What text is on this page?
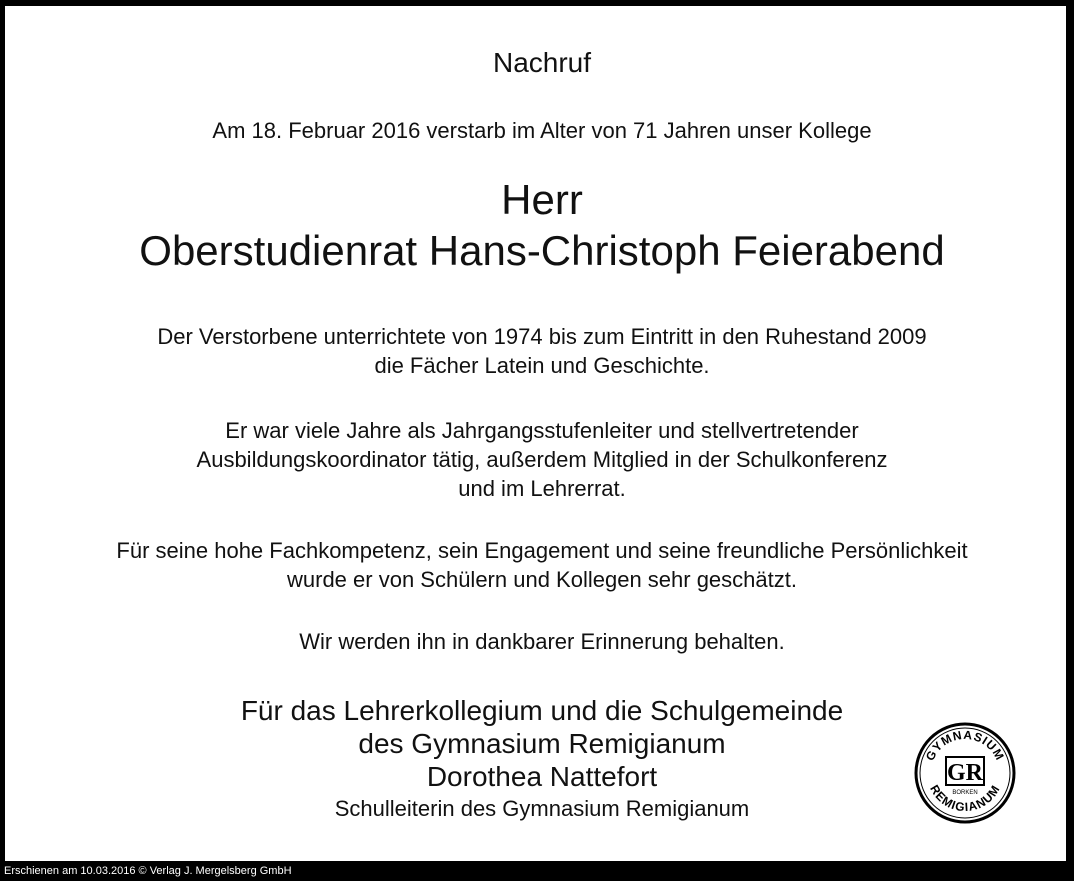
Nachruf
Am 18. Februar 2016 verstarb im Alter von 71 Jahren unser Kollege
Herr
Oberstudienrat Hans-Christoph Feierabend
Der Verstorbene unterrichtete von 1974 bis zum Eintritt in den Ruhestand 2009
die Fächer Latein und Geschichte.
Er war viele Jahre als Jahrgangsstufenleiter und stellvertretender
Ausbildungskoordinator tätig, außerdem Mitglied in der Schulkonferenz
und im Lehrerrat.
Für seine hohe Fachkompetenz, sein Engagement und seine freundliche Persönlichkeit
wurde er von Schülern und Kollegen sehr geschätzt.
Wir werden ihn in dankbarer Erinnerung behalten.
Für das Lehrerkollegium und die Schulgemeinde
des Gymnasium Remigianum
Dorothea Nattefort
Schulleiterin des Gymnasium Remigianum
GYMNASIUM
REMIGIANUM
GR
BORKEN
Erschienen am 10.03.2016 © Verlag J. Mergelsberg GmbH
